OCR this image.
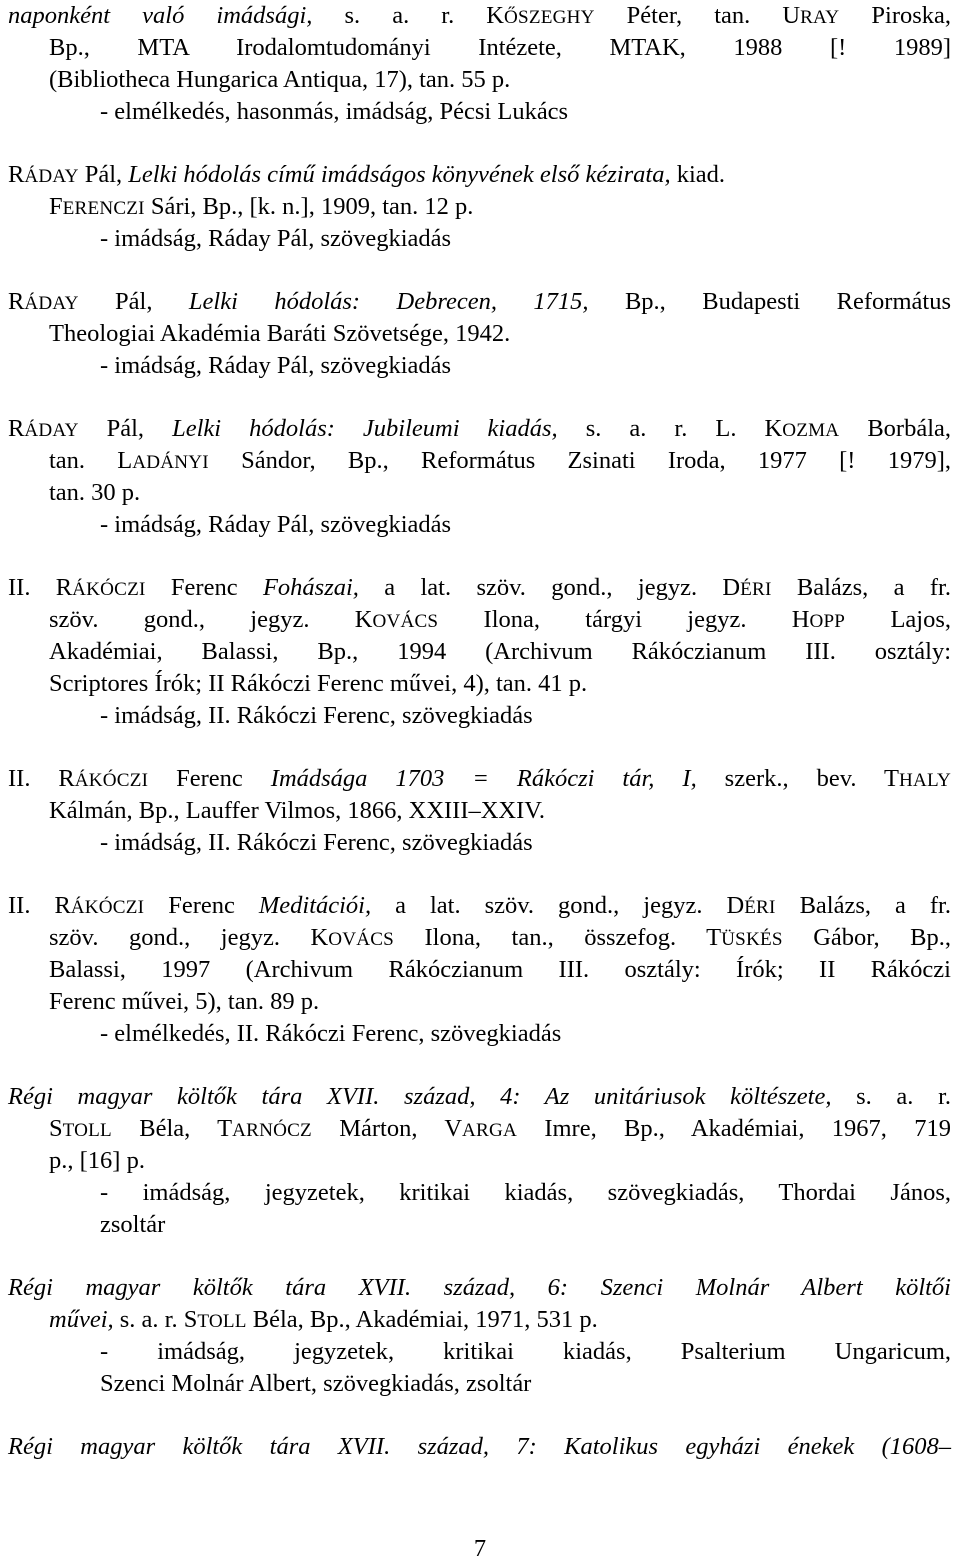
naponként való imádsági, s. a. r. KŐSZEGHY Péter, tan. URAY Piroska,
Bp., MTA Irodalomtudományi Intézete, MTAK, 1988 [! 1989]
(Bibliotheca Hungarica Antiqua, 17), tan. 55 p.
- elmélkedés, hasonmás, imádság, Pécsi Lukács
RÁDAY Pál, Lelki hódolás című imádságos könyvének első kézirata, kiad.
FERENCZI Sári, Bp., [k. n.], 1909, tan. 12 p.
- imádság, Ráday Pál, szövegkiadás
RÁDAY Pál, Lelki hódolás: Debrecen, 1715, Bp., Budapesti Református
Theologiai Akadémia Baráti Szövetsége, 1942.
- imádság, Ráday Pál, szövegkiadás
RÁDAY Pál, Lelki hódolás: Jubileumi kiadás, s. a. r. L. KOZMA Borbála,
tan. LADÁNYI Sándor, Bp., Református Zsinati Iroda, 1977 [! 1979],
tan. 30 p.
- imádság, Ráday Pál, szövegkiadás
II. RÁKÓCZI Ferenc Fohászai, a lat. szöv. gond., jegyz. DÉRI Balázs, a fr.
szöv. gond., jegyz. KOVÁCS Ilona, tárgyi jegyz. HOPP Lajos,
Akadémiai, Balassi, Bp., 1994 (Archivum Rákóczianum III. osztály:
Scriptores Írók; II Rákóczi Ferenc művei, 4), tan. 41 p.
- imádság, II. Rákóczi Ferenc, szövegkiadás
II. RÁKÓCZI Ferenc Imádsága 1703 = Rákóczi tár, I, szerk., bev. THALY
Kálmán, Bp., Lauffer Vilmos, 1866, XXIII–XXIV.
- imádság, II. Rákóczi Ferenc, szövegkiadás
II. RÁKÓCZI Ferenc Meditációi, a lat. szöv. gond., jegyz. DÉRI Balázs, a fr.
szöv. gond., jegyz. KOVÁCS Ilona, tan., összefog. TÜSKÉS Gábor, Bp.,
Balassi, 1997 (Archivum Rákóczianum III. osztály: Írók; II Rákóczi
Ferenc művei, 5), tan. 89 p.
- elmélkedés, II. Rákóczi Ferenc, szövegkiadás
Régi magyar költők tára XVII. század, 4: Az unitáriusok költészete, s. a. r.
STOLL Béla, TARNÓCZ Márton, VARGA Imre, Bp., Akadémiai, 1967, 719
p., [16] p.
- imádság, jegyzetek, kritikai kiadás, szövegkiadás, Thordai János,
zsoltár
Régi magyar költők tára XVII. század, 6: Szenci Molnár Albert költői
művei, s. a. r. STOLL Béla, Bp., Akadémiai, 1971, 531 p.
- imádság, jegyzetek, kritikai kiadás, Psalterium Ungaricum,
Szenci Molnár Albert, szövegkiadás, zsoltár
Régi magyar költők tára XVII. század, 7: Katolikus egyházi énekek (1608–
7
